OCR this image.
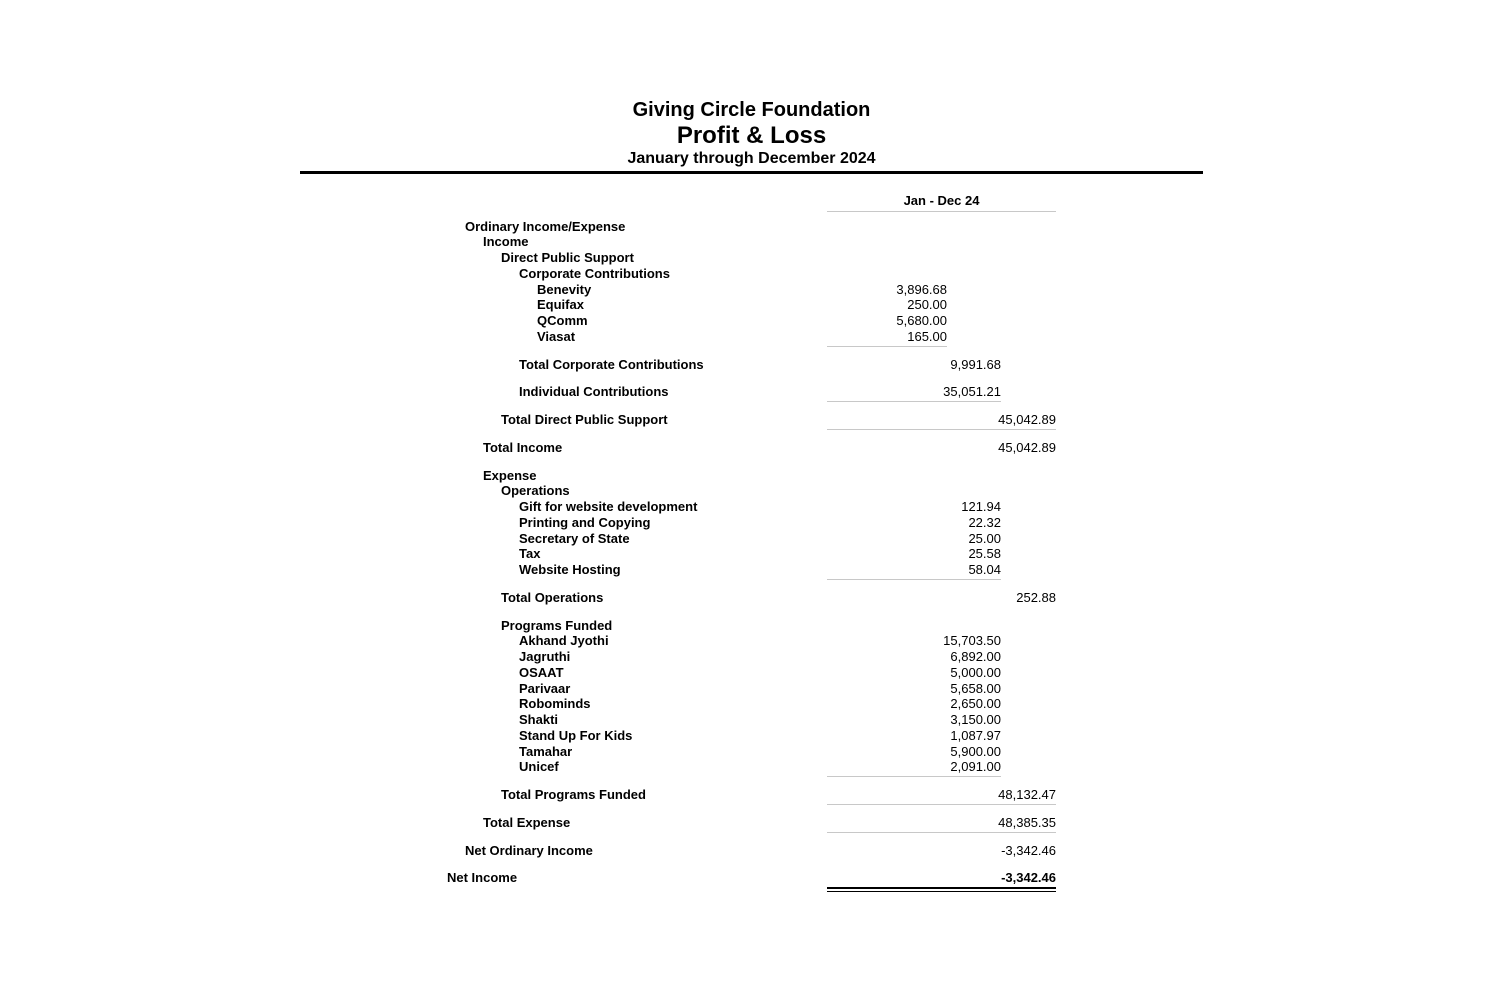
Giving Circle Foundation
Profit & Loss
January through December 2024
Jan - Dec 24
Ordinary Income/Expense
Income
Direct Public Support
Corporate Contributions
Benevity	3,896.68
Equifax	250.00
QComm	5,680.00
Viasat	165.00
Total Corporate Contributions	9,991.68
Individual Contributions	35,051.21
Total Direct Public Support	45,042.89
Total Income	45,042.89
Expense
Operations
Gift for website development	121.94
Printing and Copying	22.32
Secretary of State	25.00
Tax	25.58
Website Hosting	58.04
Total Operations	252.88
Programs Funded
Akhand Jyothi	15,703.50
Jagruthi	6,892.00
OSAAT	5,000.00
Parivaar	5,658.00
Robominds	2,650.00
Shakti	3,150.00
Stand Up For Kids	1,087.97
Tamahar	5,900.00
Unicef	2,091.00
Total Programs Funded	48,132.47
Total Expense	48,385.35
Net Ordinary Income	-3,342.46
Net Income	-3,342.46
